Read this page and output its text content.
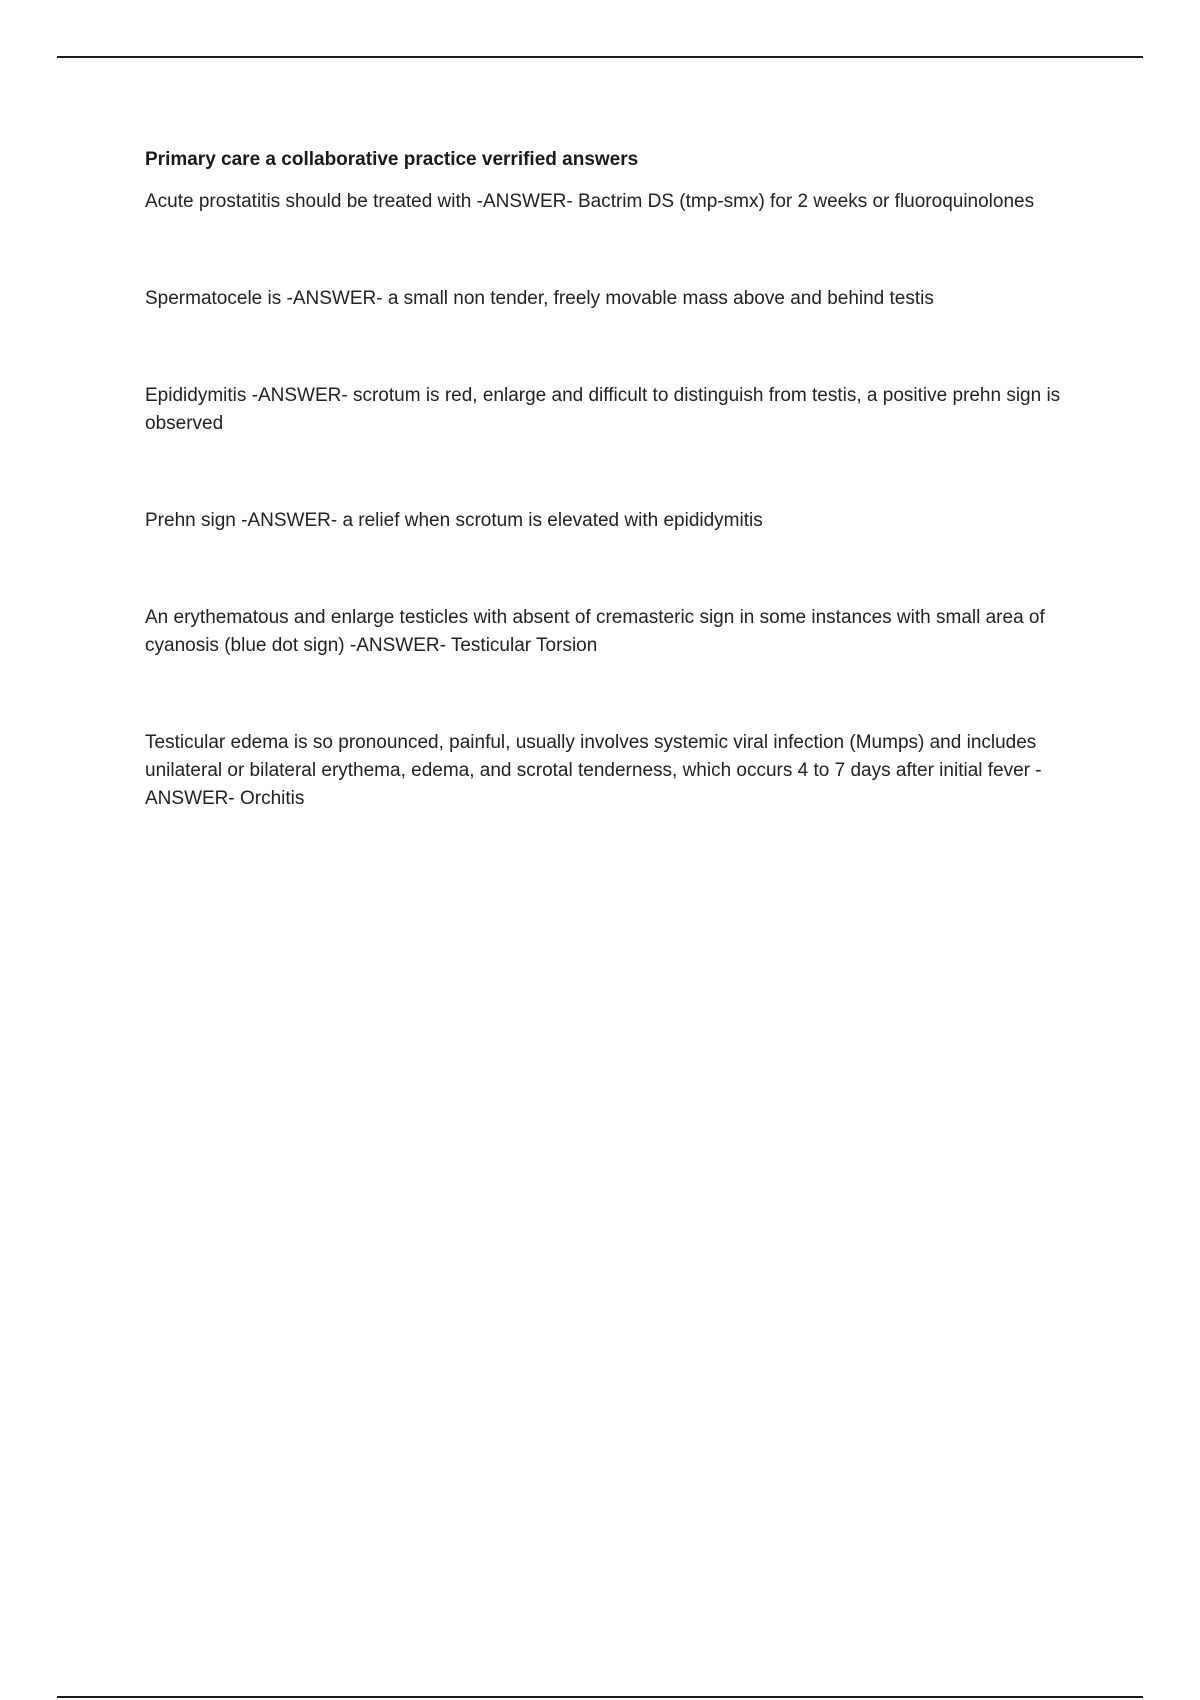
Primary care a collaborative practice verrified answers

Acute prostatitis should be treated with -ANSWER- Bactrim DS (tmp-smx) for 2 weeks or fluoroquinolones

Spermatocele is -ANSWER- a small non tender, freely movable mass above and behind testis

Epididymitis -ANSWER- scrotum is red, enlarge and difficult to distinguish from testis, a positive prehn sign is observed

Prehn sign -ANSWER- a relief when scrotum is elevated with epididymitis

An erythematous and enlarge testicles with absent of cremasteric sign in some instances with small area of cyanosis (blue dot sign) -ANSWER- Testicular Torsion

Testicular edema is so pronounced, painful, usually involves systemic viral infection (Mumps) and includes unilateral or bilateral erythema, edema, and scrotal tenderness, which occurs 4 to 7 days after initial fever -ANSWER- Orchitis
